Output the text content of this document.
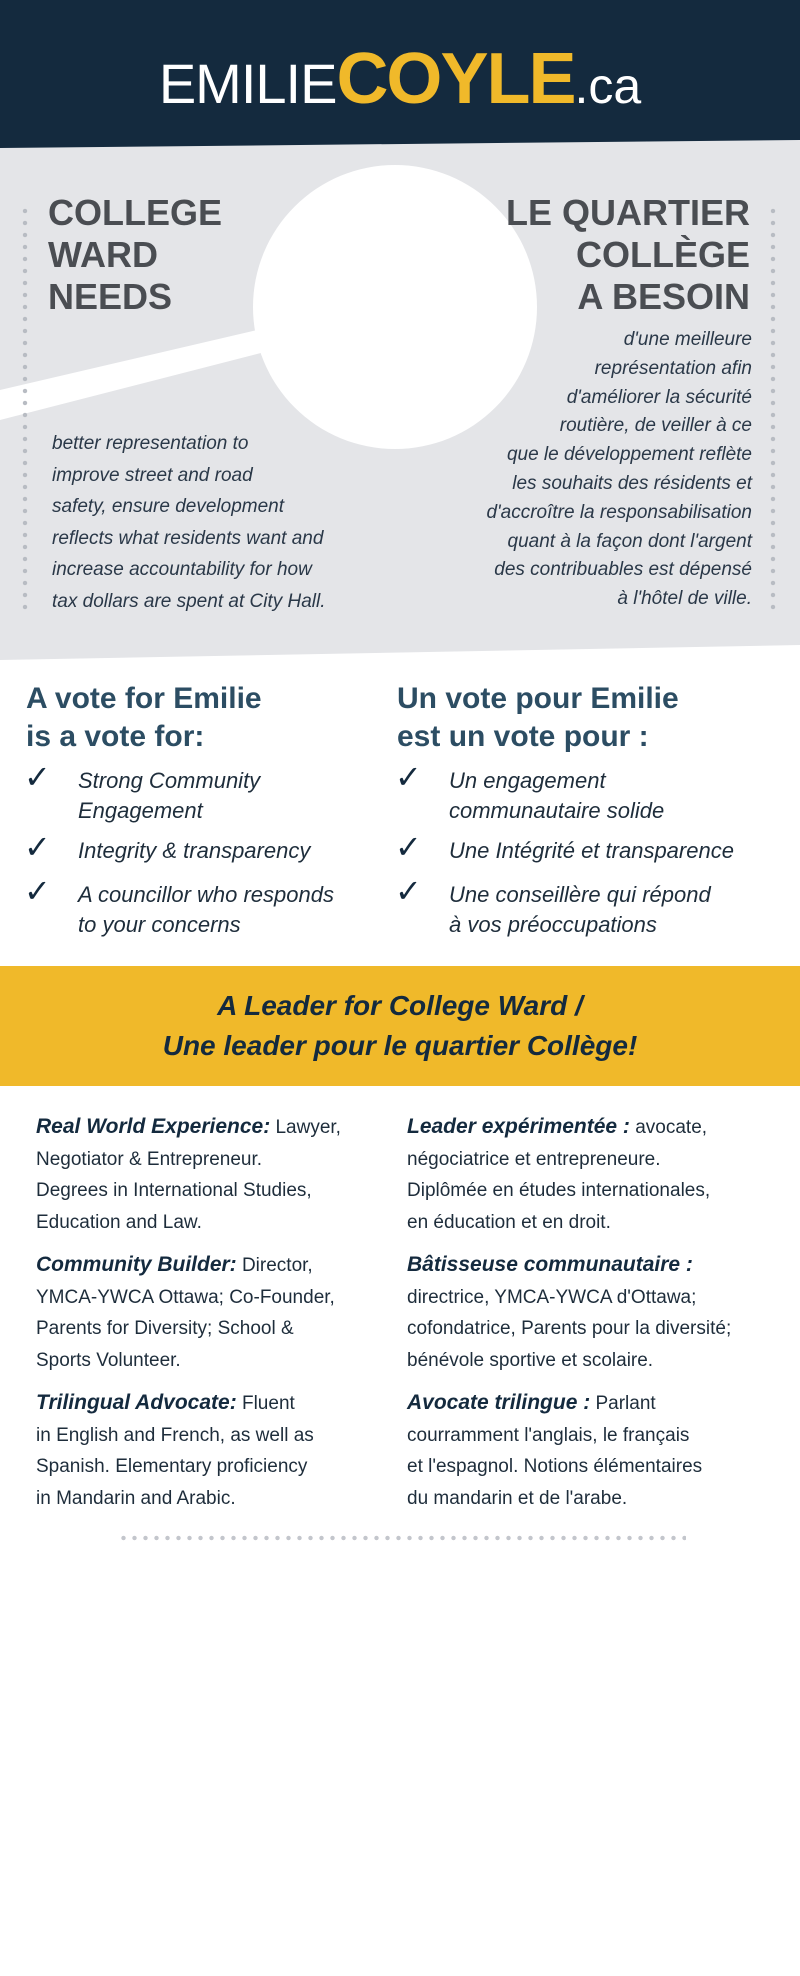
EMILIECOYLE.ca
COLLEGE
WARD
NEEDS
LE QUARTIER
COLLÈGE
A BESOIN
better representation to
improve street and road
safety, ensure development
reflects what residents want and
increase accountability for how
tax dollars are spent at City Hall.
d'une meilleure
représentation afin
d'améliorer la sécurité
routière, de veiller à ce
que le développement reflète
les souhaits des résidents et
d'accroître la responsabilisation
quant à la façon dont l'argent
des contribuables est dépensé
à l'hôtel de ville.
A vote for Emilie
is a vote for:
Un vote pour Emilie
est un vote pour :
✓ Strong Community
Engagement
✓ Integrity & transparency
✓ A councillor who responds
to your concerns
✓ Un engagement
communautaire solide
✓ Une Intégrité et transparence
✓ Une conseillère qui répond
à vos préoccupations
A Leader for College Ward /
Une leader pour le quartier Collège!
Real World Experience: Lawyer,
Negotiator & Entrepreneur.
Degrees in International Studies,
Education and Law.
Community Builder: Director,
YMCA-YWCA Ottawa; Co-Founder,
Parents for Diversity; School &
Sports Volunteer.
Trilingual Advocate: Fluent
in English and French, as well as
Spanish. Elementary proficiency
in Mandarin and Arabic.
Leader expérimentée : avocate,
négociatrice et entrepreneure.
Diplômée en études internationales,
en éducation et en droit.
Bâtisseuse communautaire :
directrice, YMCA-YWCA d'Ottawa;
cofondatrice, Parents pour la diversité;
bénévole sportive et scolaire.
Avocate trilingue : Parlant
courramment l'anglais, le français
et l'espagnol. Notions élémentaires
du mandarin et de l'arabe.
